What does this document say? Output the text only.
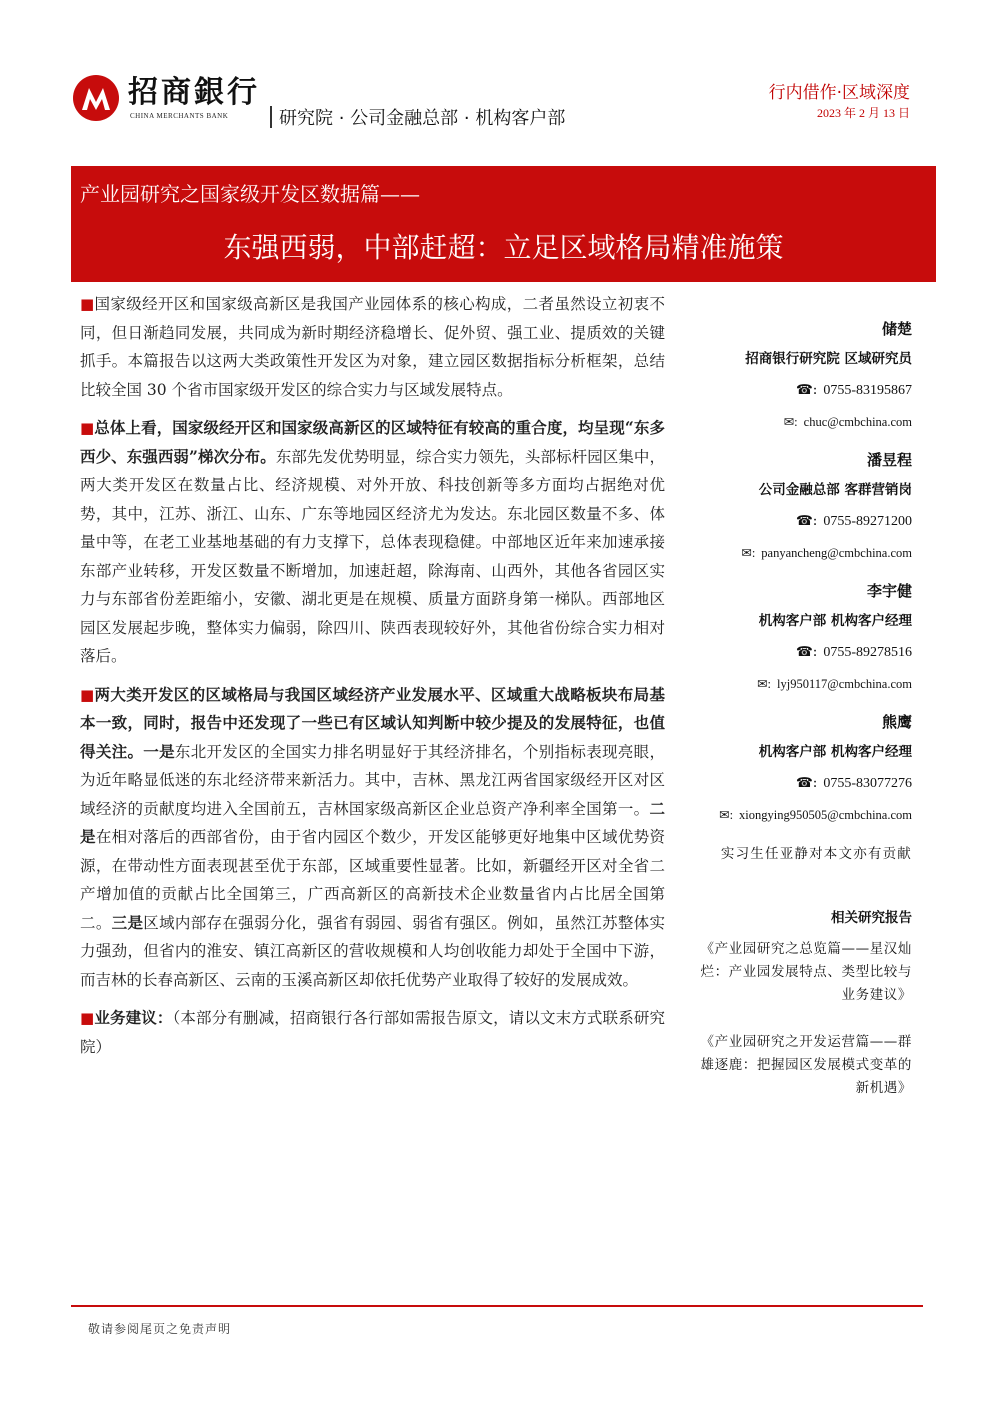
招商銀行
CHINA MERCHANTS BANK	研究院 · 公司金融总部 · 机构客户部
行内借作·区域深度
2023 年 2 月 13 日
产业园研究之国家级开发区数据篇——
东强西弱，中部赶超：立足区域格局精准施策

■国家级经开区和国家级高新区是我国产业园体系的核心构成，二者虽然设立初衷不同，但日渐趋同发展，共同成为新时期经济稳增长、促外贸、强工业、提质效的关键抓手。本篇报告以这两大类政策性开发区为对象，建立园区数据指标分析框架，总结比较全国 30 个省市国家级开发区的综合实力与区域发展特点。

■总体上看，国家级经开区和国家级高新区的区域特征有较高的重合度，均呈现“东多西少、东强西弱”梯次分布。东部先发优势明显，综合实力领先，头部标杆园区集中，两大类开发区在数量占比、经济规模、对外开放、科技创新等多方面均占据绝对优势，其中，江苏、浙江、山东、广东等地园区经济尤为发达。东北园区数量不多、体量中等，在老工业基地基础的有力支撑下，总体表现稳健。中部地区近年来加速承接东部产业转移，开发区数量不断增加，加速赶超，除海南、山西外，其他各省园区实力与东部省份差距缩小，安徽、湖北更是在规模、质量方面跻身第一梯队。西部地区园区发展起步晚，整体实力偏弱，除四川、陕西表现较好外，其他省份综合实力相对落后。

■两大类开发区的区域格局与我国区域经济产业发展水平、区域重大战略板块布局基本一致，同时，报告中还发现了一些已有区域认知判断中较少提及的发展特征，也值得关注。一是东北开发区的全国实力排名明显好于其经济排名，个别指标表现亮眼，为近年略显低迷的东北经济带来新活力。其中，吉林、黑龙江两省国家级经开区对区域经济的贡献度均进入全国前五，吉林国家级高新区企业总资产净利率全国第一。二是在相对落后的西部省份，由于省内园区个数少，开发区能够更好地集中区域优势资源，在带动性方面表现甚至优于东部，区域重要性显著。比如，新疆经开区对全省二产增加值的贡献占比全国第三，广西高新区的高新技术企业数量省内占比居全国第二。三是区域内部存在强弱分化，强省有弱园、弱省有强区。例如，虽然江苏整体实力强劲，但省内的淮安、镇江高新区的营收规模和人均创收能力却处于全国中下游，而吉林的长春高新区、云南的玉溪高新区却依托优势产业取得了较好的发展成效。

■业务建议：（本部分有删减，招商银行各行部如需报告原文，请以文末方式联系研究院）

储楚
招商银行研究院 区域研究员
☎: 0755-83195867
✉: chuc@cmbchina.com
潘昱程
公司金融总部 客群营销岗
☎: 0755-89271200
✉: panyancheng@cmbchina.com
李宇健
机构客户部 机构客户经理
☎: 0755-89278516
✉: lyj950117@cmbchina.com
熊鹰
机构客户部 机构客户经理
☎: 0755-83077276
✉: xiongying950505@cmbchina.com
实习生任亚静对本文亦有贡献
相关研究报告
《产业园研究之总览篇——星汉灿烂：产业园发展特点、类型比较与业务建议》
《产业园研究之开发运营篇——群雄逐鹿：把握园区发展模式变革的新机遇》
敬请参阅尾页之免责声明
